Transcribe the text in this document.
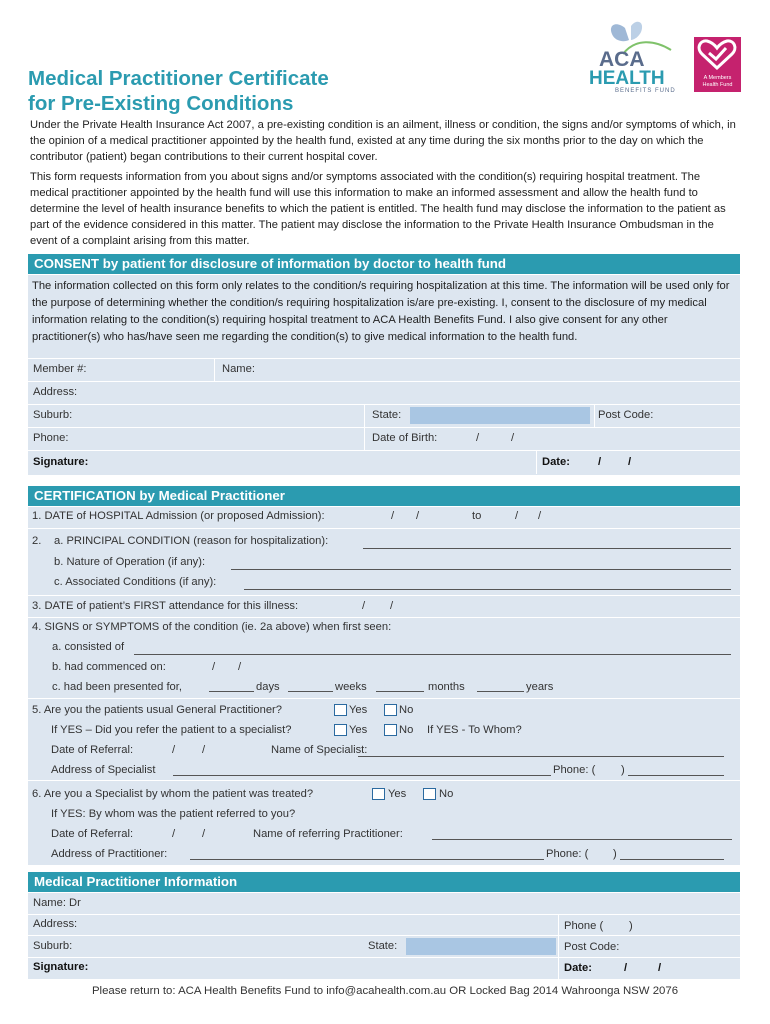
Medical Practitioner Certificate
for Pre-Existing Conditions
ACA
HEALTH
BENEFITS FUND
A Members Health Fund
Under the Private Health Insurance Act 2007, a pre-existing condition is an ailment, illness or condition, the signs and/or symptoms of which, in the opinion of a medical practitioner appointed by the health fund, existed at any time during the six months prior to the day on which the contributor (patient) began contributions to their current hospital cover.
This form requests information from you about signs and/or symptoms associated with the condition(s) requiring hospital treatment. The medical practitioner appointed by the health fund will use this information to make an informed assessment and allow the health fund to determine the level of health insurance benefits to which the patient is entitled. The health fund may disclose the information to the patient as part of the evidence considered in this matter. The patient may disclose the information to the Private Health Insurance Ombudsman in the event of a complaint arising from this matter.
CONSENT by patient for disclosure of information by doctor to health fund
The information collected on this form only relates to the condition/s requiring hospitalization at this time. The information will be used only for the purpose of determining whether the condition/s requiring hospitalization is/are pre-existing. I, consent to the disclosure of my medical information relating to the condition(s) requiring hospital treatment to ACA Health Benefits Fund. I also give consent for any other practitioner(s) who has/have seen me regarding the condition(s) to give medical information to the health fund.
Member #:	Name:
Address:
Suburb:	State:	Post Code:
Phone:	Date of Birth:	/	/
Signature:	Date:	/ /
CERTIFICATION by Medical Practitioner
1. DATE of HOSPITAL Admission (or proposed Admission):	/ /	to	/ /
2. a. PRINCIPAL CONDITION (reason for hospitalization):
b. Nature of Operation (if any):
c. Associated Conditions (if any):
3. DATE of patient’s FIRST attendance for this illness:	/ /
4. SIGNS or SYMPTOMS of the condition (ie. 2a above) when first seen:
a. consisted of
b. had commenced on:	/ /
c. had been presented for,	days	weeks	months	years
5. Are you the patients usual General Practitioner?	Yes	No
If YES – Did you refer the patient to a specialist?	Yes	No If YES - To Whom?
Date of Referral:	/ /	Name of Specialist:
Address of Specialist	Phone: ( )
6. Are you a Specialist by whom the patient was treated?	Yes	No
If YES: By whom was the patient referred to you?
Date of Referral:	/ /	Name of referring Practitioner:
Address of Practitioner:	Phone: ( )
Medical Practitioner Information
Name: Dr
Address:	Phone ( )
Suburb:	State:	Post Code:
Signature:	Date:	/	/
Please return to: ACA Health Benefits Fund to info@acahealth.com.au OR Locked Bag 2014 Wahroonga NSW 2076
